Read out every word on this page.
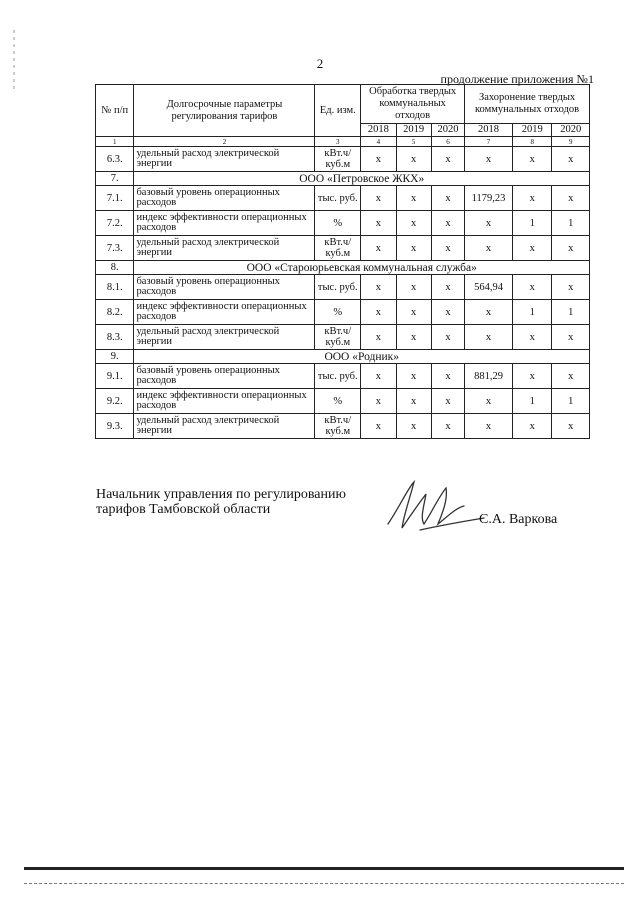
2
продолжение приложения №1
№ п/п	Долгосрочные параметры регулирования тарифов	Ед. изм.	Обработка твердых коммунальных отходов			Захоронение твердых коммунальных отходов		
			2018	2019	2020	2018	2019	2020
1	2	3	4	5	6	7	8	9
6.3.	удельный расход электрической энергии	кВт.ч/ куб.м	х	х	х	х	х	х
7.	ООО «Петровское ЖКХ»							
7.1.	базовый уровень операционных расходов	тыс. руб.	х	х	х	1179,23	х	х
7.2.	индекс эффективности операционных расходов	%	х	х	х	х	1	1
7.3.	удельный расход электрической энергии	кВт.ч/ куб.м	х	х	х	х	х	х
8.	ООО «Староюрьевская коммунальная служба»							
8.1.	базовый уровень операционных расходов	тыс. руб.	х	х	х	564,94	х	х
8.2.	индекс эффективности операционных расходов	%	х	х	х	х	1	1
8.3.	удельный расход электрической энергии	кВт.ч/ куб.м	х	х	х	х	х	х
9.	ООО «Родник»							
9.1.	базовый уровень операционных расходов	тыс. руб.	х	х	х	881,29	х	х
9.2.	индекс эффективности операционных расходов	%	х	х	х	х	1	1
9.3.	удельный расход электрической энергии	кВт.ч/ куб.м	х	х	х	х	х	х
Начальник управления по регулированию
тарифов Тамбовской области
С.А. Варкова
